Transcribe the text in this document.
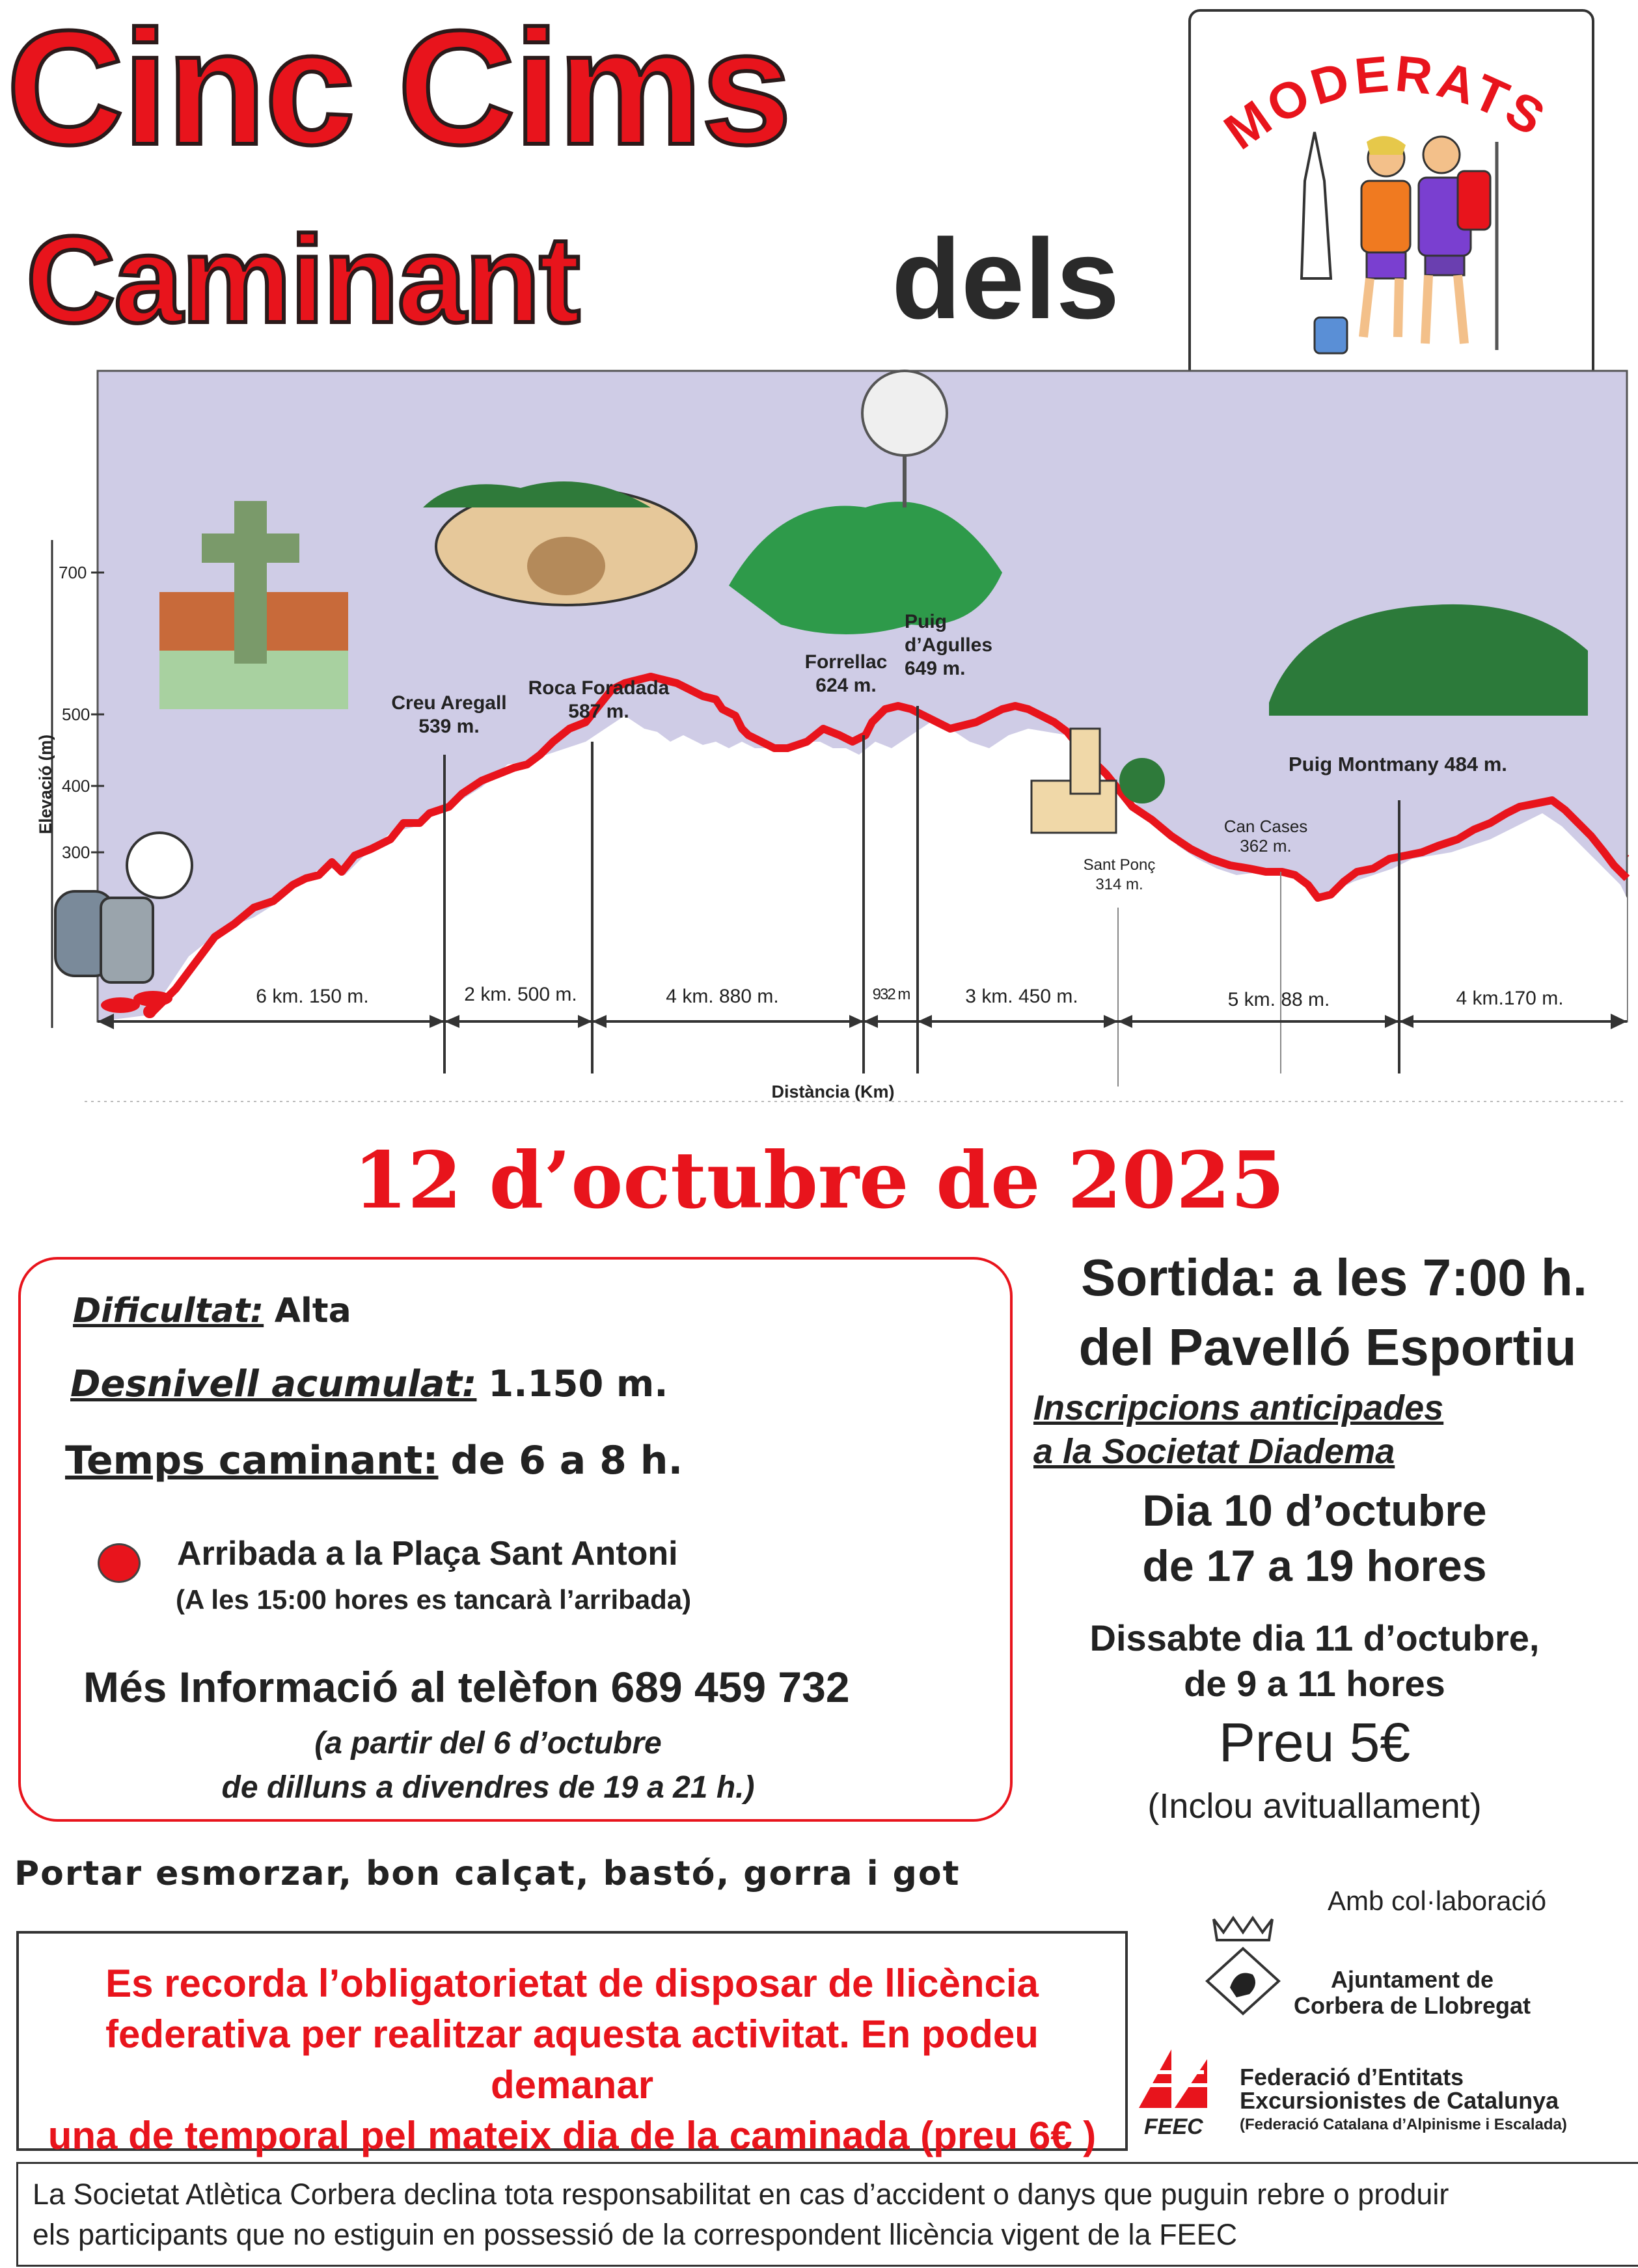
Cinc Cims
Caminant	dels
MODERATS
Elevació (m)
700
500
400
300
Creu Aregall
539 m.
Roca Foradada
587 m.
Forrellac
624 m.
Puig d’Agulles
649 m.
Puig Montmany 484 m.
Sant Ponç
314 m.
Can Cases
362 m.
6 km. 150 m.	2 km. 500 m.	4 km. 880 m.	932 m	3 km. 450 m.	5 km. 88 m.	4 km.170 m.
Distància (Km)
12 d’octubre de 2025
Dificultat: Alta
Desnivell acumulat: 1.150 m.
Temps caminant: de 6 a 8 h.
Arribada a la Plaça Sant Antoni
(A les 15:00 hores es tancarà l’arribada)
Més Informació al telèfon 689 459 732
(a partir del 6 d’octubre
de dilluns a divendres de 19 a 21 h.)
Sortida: a les 7:00 h.
del Pavelló Esportiu
Inscripcions anticipades
a la Societat Diadema
Dia 10 d’octubre
de 17 a 19 hores
Dissabte dia 11 d’octubre,
de 9 a 11 hores
Preu 5€
(Inclou avituallament)
Portar esmorzar, bon calçat, bastó, gorra i got
Es recorda l’obligatorietat de disposar de llicència
federativa per realitzar aquesta activitat. En podeu demanar
una de temporal pel mateix dia de la caminada (preu 6€ )
Amb col·laboració
Ajuntament de
Corbera de Llobregat
FEEC
Federació d’Entitats
Excursionistes de Catalunya
(Federació Catalana d’Alpinisme i Escalada)
La Societat Atlètica Corbera declina tota responsabilitat en cas d’accident o danys que puguin rebre o produir
els participants que no estiguin en possessió de la correspondent llicència vigent de la FEEC
